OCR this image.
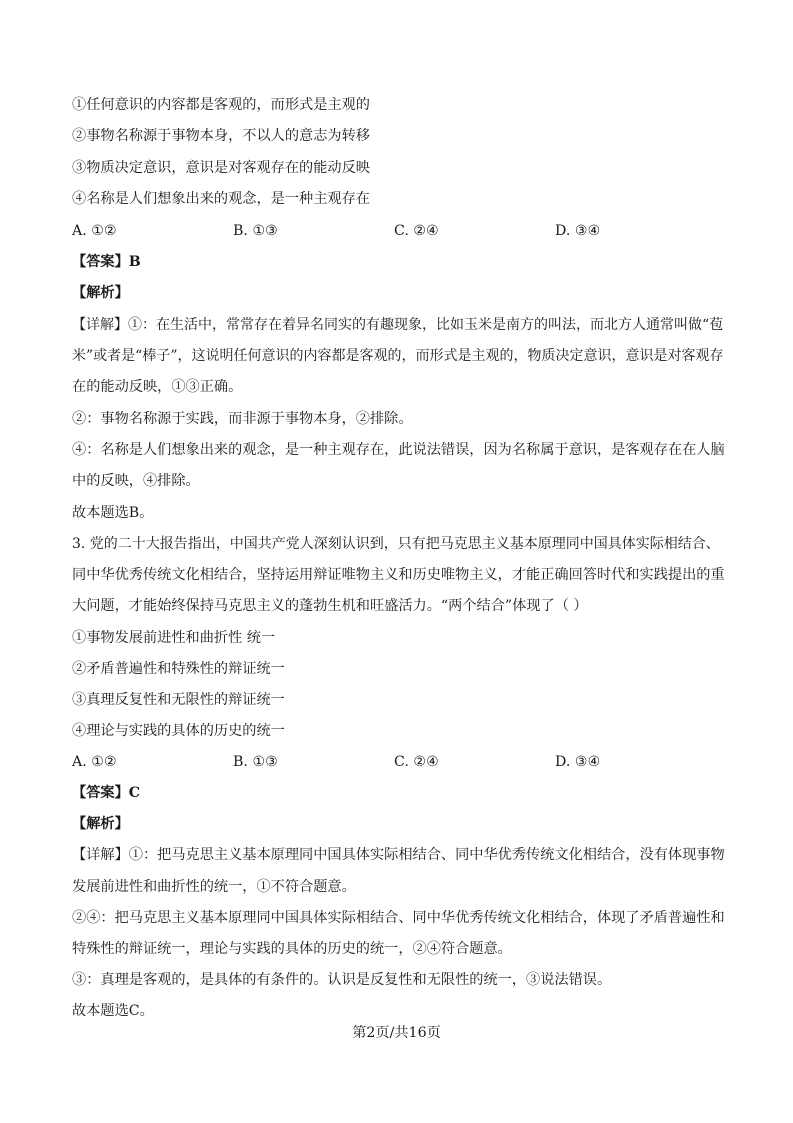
①任何意识的内容都是客观的，而形式是主观的
②事物名称源于事物本身，不以人的意志为转移
③物质决定意识，意识是对客观存在的能动反映
④名称是人们想象出来的观念，是一种主观存在
A. ①②	B. ①③	C. ②④	D. ③④
【答案】B
【解析】
【详解】①：在生活中，常常存在着异名同实的有趣现象，比如玉米是南方的叫法，而北方人通常叫做“苞
米”或者是“棒子”，这说明任何意识的内容都是客观的，而形式是主观的，物质决定意识，意识是对客观存
在的能动反映，①③正确。
②：事物名称源于实践，而非源于事物本身，②排除。
④：名称是人们想象出来的观念，是一种主观存在，此说法错误，因为名称属于意识，是客观存在在人脑
中的反映，④排除。
故本题选B。
3. 党的二十大报告指出，中国共产党人深刻认识到，只有把马克思主义基本原理同中国具体实际相结合、
同中华优秀传统文化相结合，坚持运用辩证唯物主义和历史唯物主义，才能正确回答时代和实践提出的重
大问题，才能始终保持马克思主义的蓬勃生机和旺盛活力。“两个结合”体现了（ ）
①事物发展前进性和曲折性 统一
②矛盾普遍性和特殊性的辩证统一
③真理反复性和无限性的辩证统一
④理论与实践的具体的历史的统一
A. ①②	B. ①③	C. ②④	D. ③④
【答案】C
【解析】
【详解】①：把马克思主义基本原理同中国具体实际相结合、同中华优秀传统文化相结合，没有体现事物
发展前进性和曲折性的统一，①不符合题意。
②④：把马克思主义基本原理同中国具体实际相结合、同中华优秀传统文化相结合，体现了矛盾普遍性和
特殊性的辩证统一，理论与实践的具体的历史的统一，②④符合题意。
③：真理是客观的，是具体的有条件的。认识是反复性和无限性的统一，③说法错误。
故本题选C。
第2页/共16页
